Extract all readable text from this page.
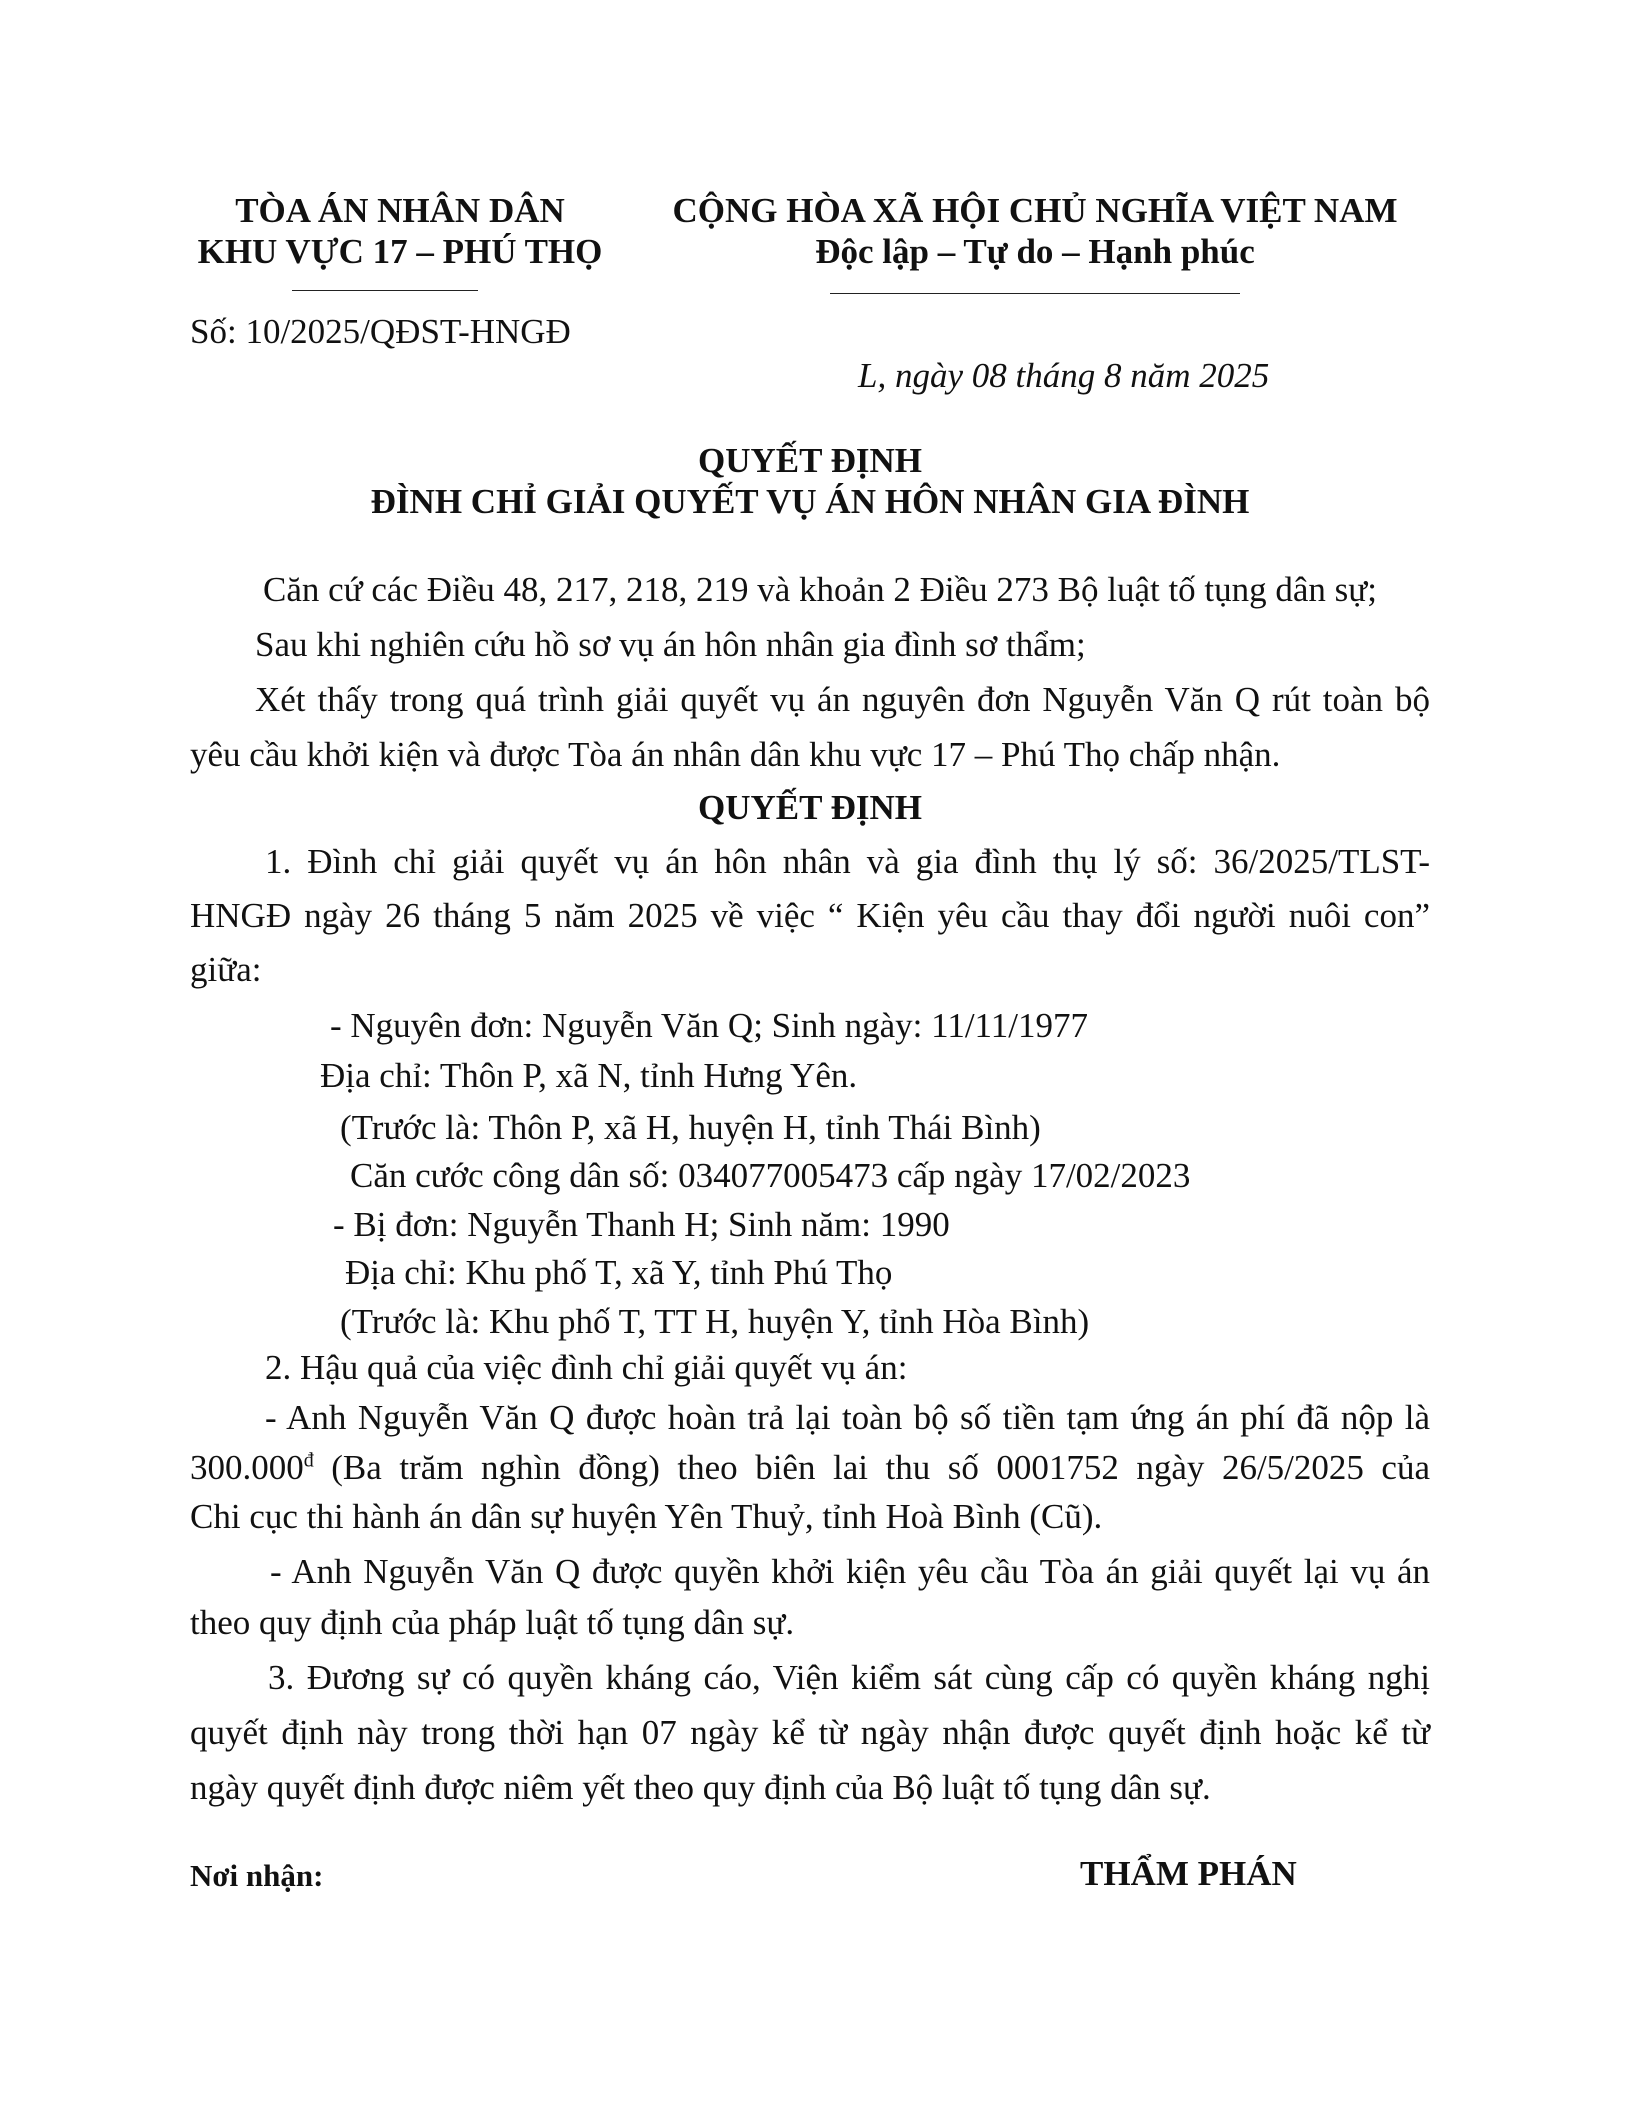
TÒA ÁN NHÂN DÂN
KHU VỰC 17 – PHÚ THỌ
CỘNG HÒA XÃ HỘI CHỦ NGHĨA VIỆT NAM
Độc lập – Tự do – Hạnh phúc
Số: 10/2025/QĐST-HNGĐ
L, ngày 08 tháng 8 năm 2025
QUYẾT ĐỊNH
ĐÌNH CHỈ GIẢI QUYẾT VỤ ÁN HÔN NHÂN GIA ĐÌNH
Căn cứ các Điều 48, 217, 218, 219 và khoản 2 Điều 273 Bộ luật tố tụng dân sự;
Sau khi nghiên cứu hồ sơ vụ án hôn nhân gia đình sơ thẩm;
Xét thấy trong quá trình giải quyết vụ án nguyên đơn Nguyễn Văn Q rút toàn bộ
yêu cầu khởi kiện và được Tòa án nhân dân khu vực 17 – Phú Thọ chấp nhận.
QUYẾT ĐỊNH
1. Đình chỉ giải quyết vụ án hôn nhân và gia đình thụ lý số: 36/2025/TLST-
HNGĐ ngày 26 tháng 5 năm 2025 về việc “ Kiện yêu cầu thay đổi người nuôi con”
giữa:
- Nguyên đơn: Nguyễn Văn Q; Sinh ngày: 11/11/1977
Địa chỉ: Thôn P, xã N, tỉnh Hưng Yên.
(Trước là: Thôn P, xã H, huyện H, tỉnh Thái Bình)
Căn cước công dân số: 034077005473 cấp ngày 17/02/2023
- Bị đơn: Nguyễn Thanh H; Sinh năm: 1990
Địa chỉ: Khu phố T, xã Y, tỉnh Phú Thọ
(Trước là: Khu phố T, TT H, huyện Y, tỉnh Hòa Bình)
2. Hậu quả của việc đình chỉ giải quyết vụ án:
- Anh Nguyễn Văn Q được hoàn trả lại toàn bộ số tiền tạm ứng án phí đã nộp là
$300.000^đ$ (Ba trăm nghìn đồng) theo biên lai thu số 0001752 ngày 26/5/2025 của
Chi cục thi hành án dân sự huyện Yên Thuỷ, tỉnh Hoà Bình (Cũ).
- Anh Nguyễn Văn Q được quyền khởi kiện yêu cầu Tòa án giải quyết lại vụ án
theo quy định của pháp luật tố tụng dân sự.
3. Đương sự có quyền kháng cáo, Viện kiểm sát cùng cấp có quyền kháng nghị
quyết định này trong thời hạn 07 ngày kể từ ngày nhận được quyết định hoặc kể từ
ngày quyết định được niêm yết theo quy định của Bộ luật tố tụng dân sự.
Nơi nhận:	THẨM PHÁN
